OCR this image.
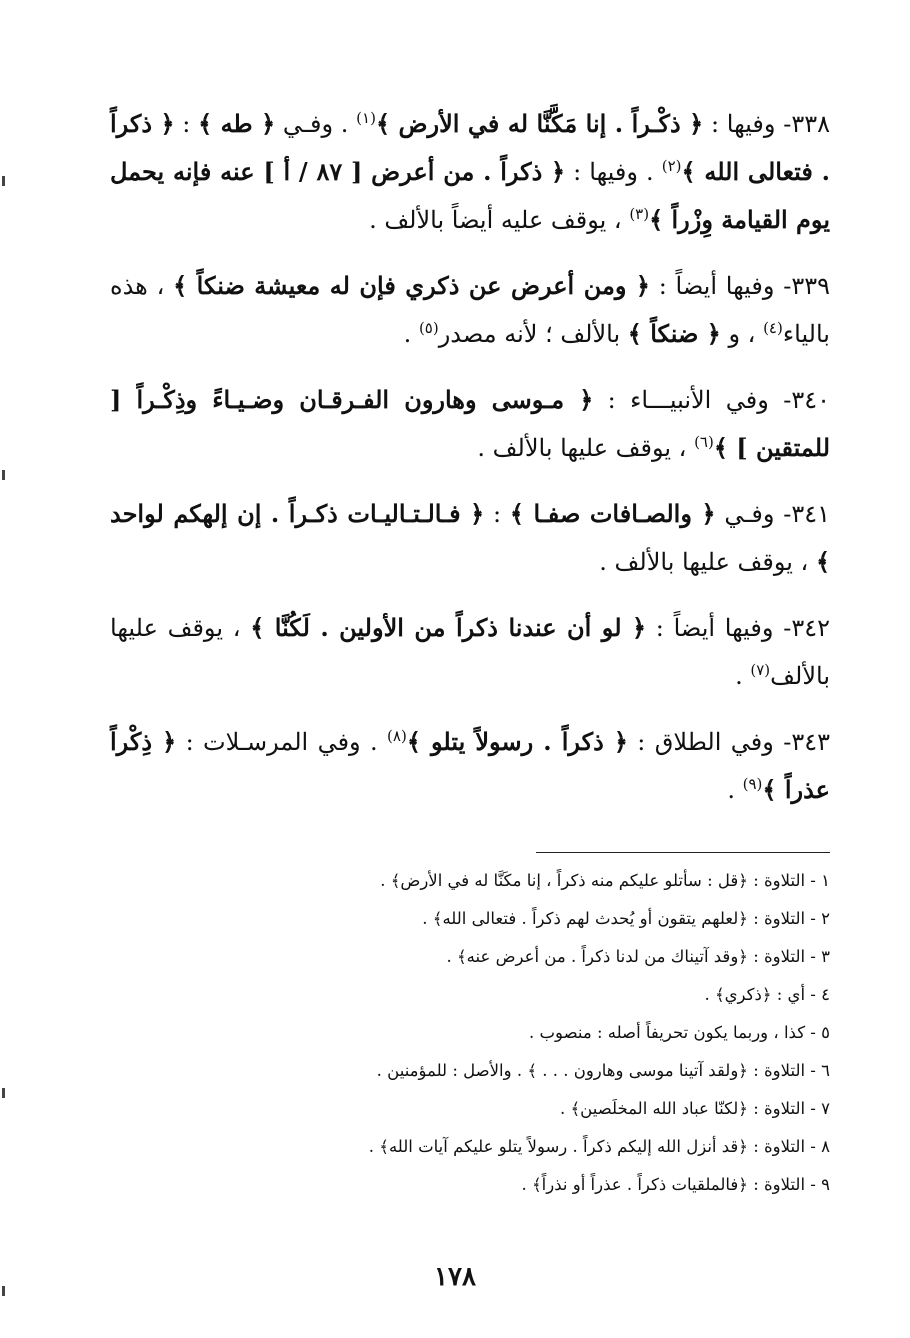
٣٣٨- وفيها : ﴿ ذكْـراً . إنا مَكَّنَّا له في الأرض ﴾$^{(١)}$ . وفـي ﴿ طه ﴾ : ﴿ ذكراً . فتعالى الله ﴾$^{(٢)}$ . وفيها : ﴿ ذكراً . من أعرض [ ٨٧ / أ ] عنه فإنه يحمل يوم القيامة وِزْراً ﴾$^{(٣)}$ ، يوقف عليه أيضاً بالألف .

٣٣٩- وفيها أيضاً : ﴿ ومن أعرض عن ذكري فإن له معيشة ضنكاً ﴾ ، هذه بالياء$^{(٤)}$ ، و ﴿ ضنكاً ﴾ بالألف ؛ لأنه مصدر$^{(٥)}$ .

٣٤٠- وفي الأنبيـــاء : ﴿ مـوسى وهارون الفـرقـان وضـيـاءً وذِكْـراً [ للمتقين ] ﴾$^{(٦)}$ ، يوقف عليها بالألف .

٣٤١- وفـي ﴿ والصـافات صفـا ﴾ : ﴿ فـالـتـاليـات ذكـراً . إن إلهكم لواحد ﴾ ، يوقف عليها بالألف .

٣٤٢- وفيها أيضاً : ﴿ لو أن عندنا ذكراً من الأولين . لَكُنَّا ﴾ ، يوقف عليها بالألف$^{(٧)}$ .

٣٤٣- وفي الطلاق : ﴿ ذكراً . رسولاً يتلو ﴾$^{(٨)}$ . وفي المرسـلات : ﴿ ذِكْراً عذراً ﴾$^{(٩)}$ .

١ - التلاوة : ﴿قل : سأتلو عليكم منه ذكراً ، إنا مكَنَّا له في الأرض﴾ .
٢ - التلاوة : ﴿لعلهم يتقون أو يُحدث لهم ذكراً . فتعالى الله﴾ .
٣ - التلاوة : ﴿وقد آتيناك من لدنا ذكراً . من أعرض عنه﴾ .
٤ - أي : ﴿ذكري﴾ .
٥ - كذا ، وربما يكون تحريفاً أصله : منصوب .
٦ - التلاوة : ﴿ولقد آتينا موسى وهارون . . . ﴾ . والأصل : للمؤمنين .
٧ - التلاوة : ﴿لكنّا عباد الله المخلَصين﴾ .
٨ - التلاوة : ﴿قد أنزل الله إليكم ذكراً . رسولاً يتلو عليكم آيات الله﴾ .
٩ - التلاوة : ﴿فالملقيات ذكراً . عذراً أو نذراً﴾ .
١٧٨
